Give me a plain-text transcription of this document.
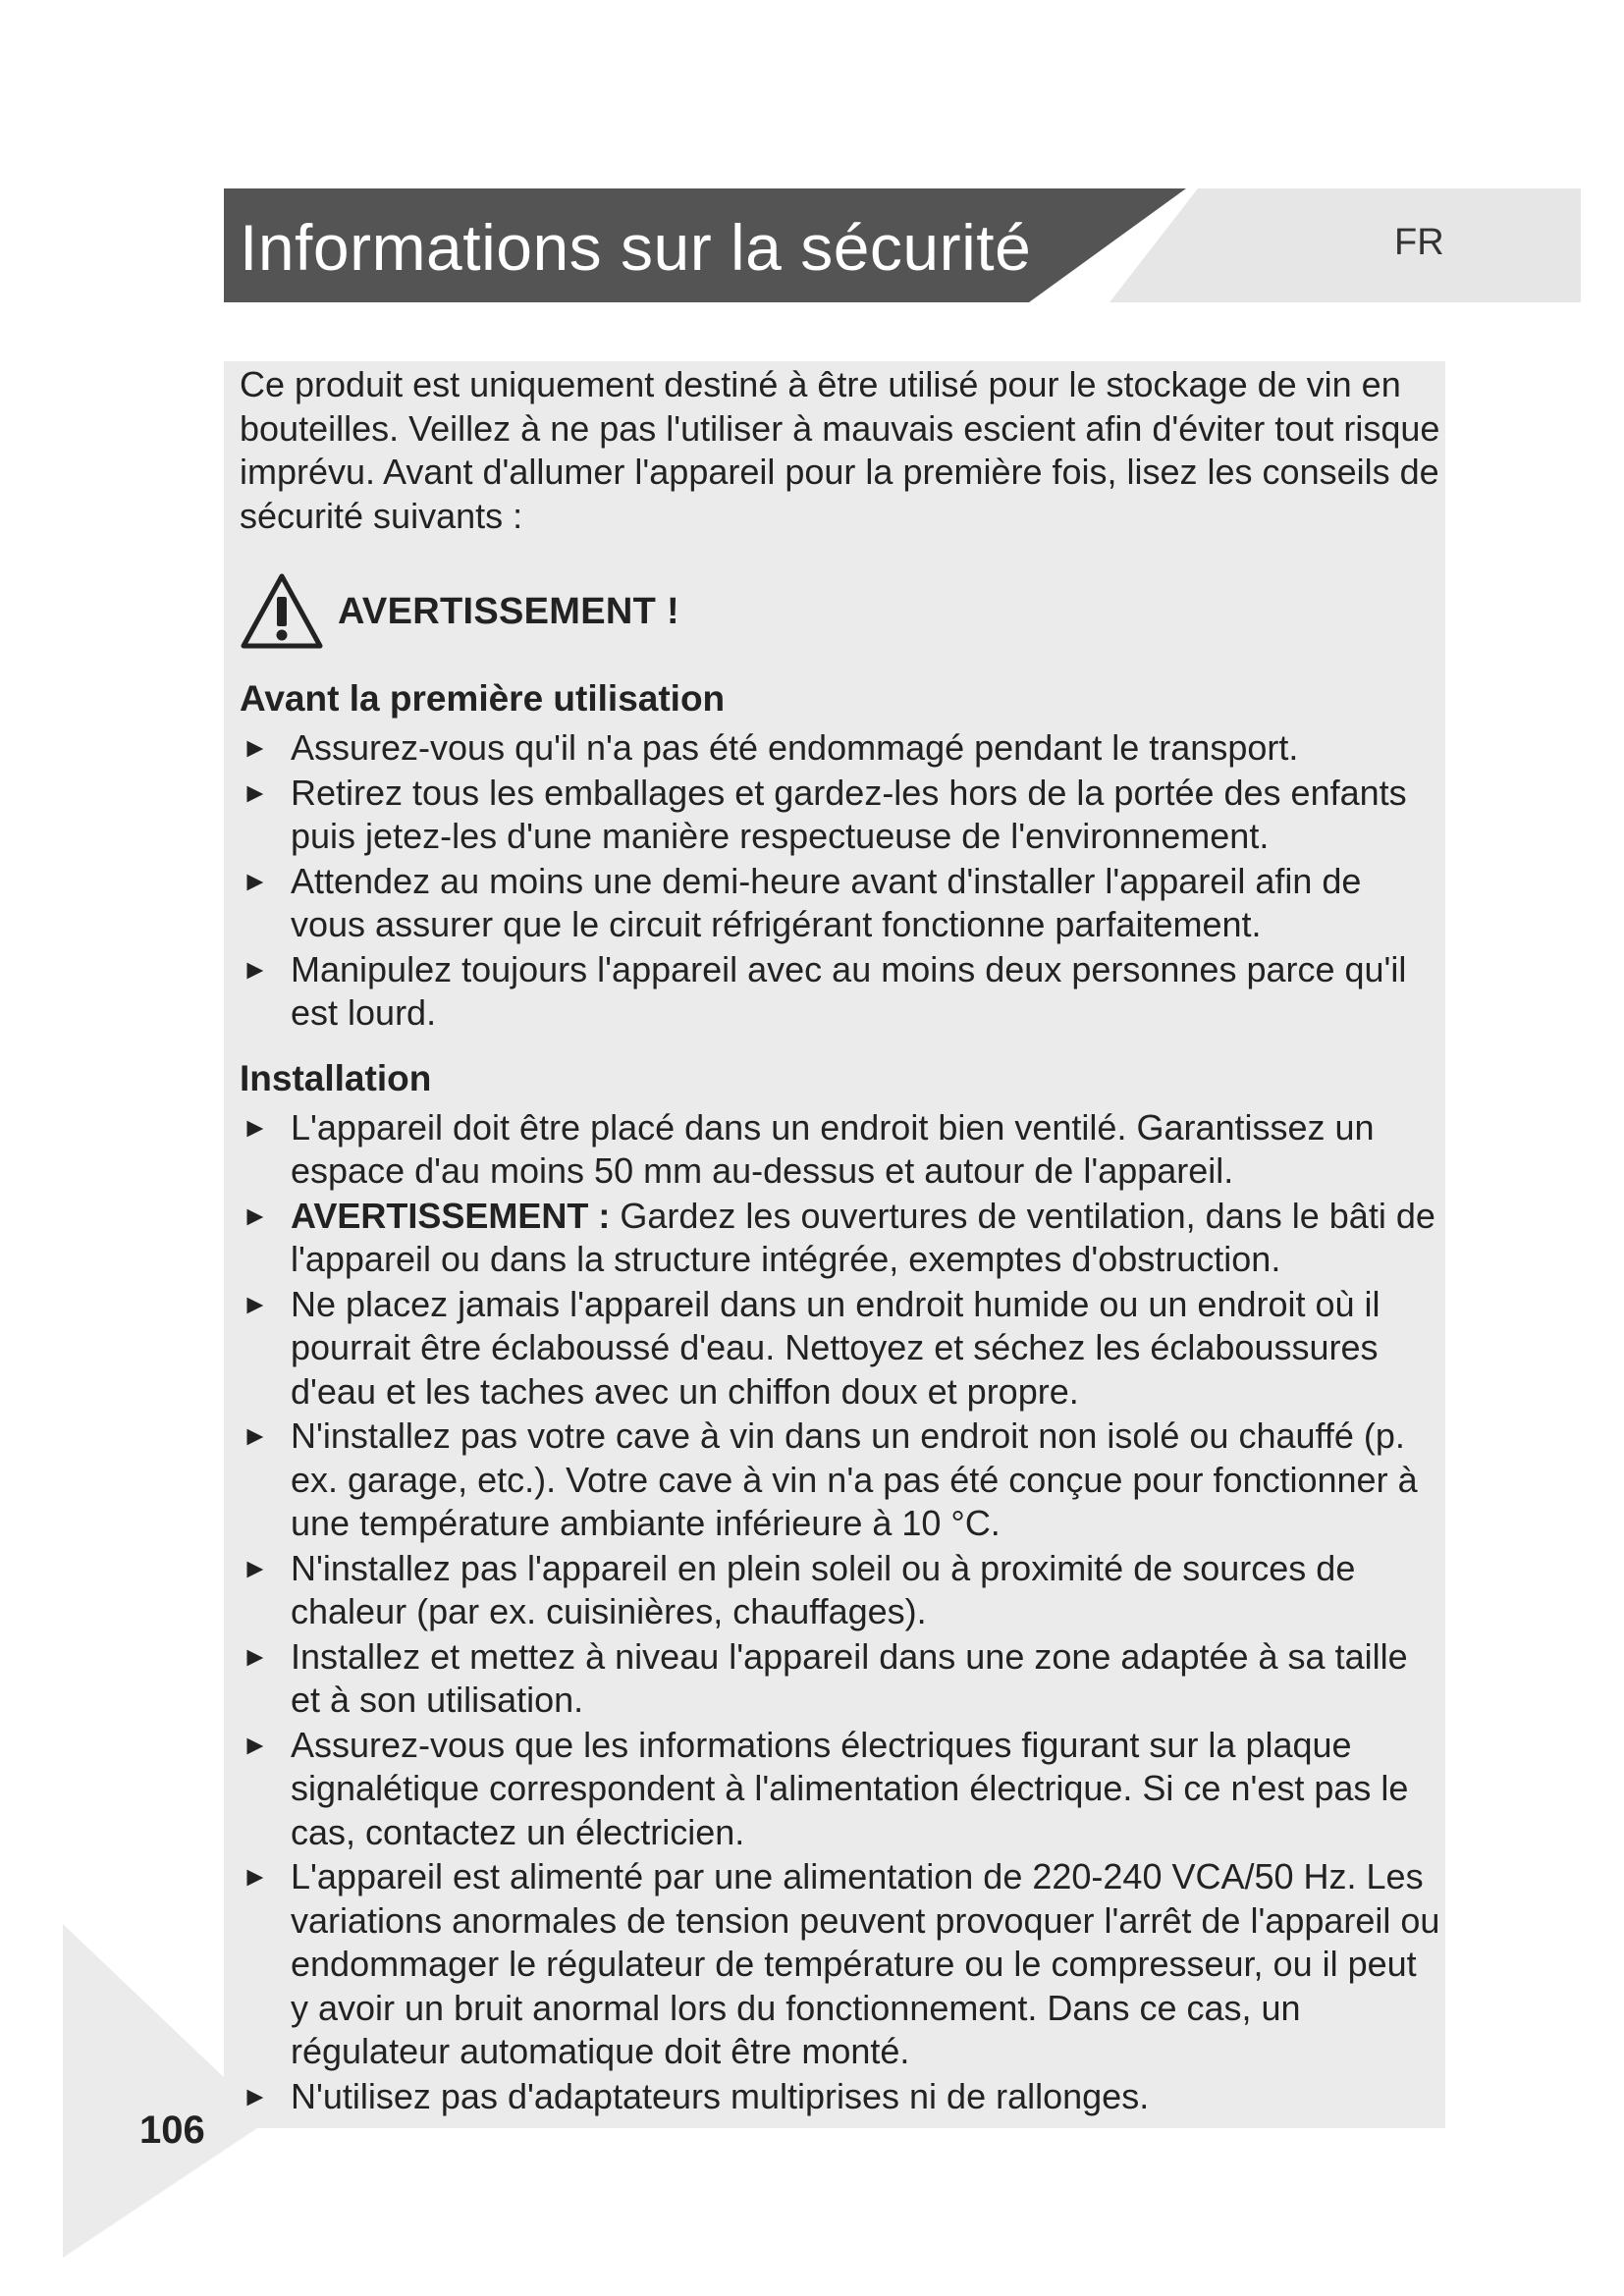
Informations sur la sécurité	FR
106

Ce produit est uniquement destiné à être utilisé pour le stockage de vin en bouteilles. Veillez à ne pas l'utiliser à mauvais escient afin d'éviter tout risque imprévu. Avant d'allumer l'appareil pour la première fois, lisez les conseils de sécurité suivants :

AVERTISSEMENT !
Avant la première utilisation
► Assurez-vous qu'il n'a pas été endommagé pendant le transport.
► Retirez tous les emballages et gardez-les hors de la portée des enfants puis jetez-les d'une manière respectueuse de l'environnement.
► Attendez au moins une demi-heure avant d'installer l'appareil afin de vous assurer que le circuit réfrigérant fonctionne parfaitement.
► Manipulez toujours l'appareil avec au moins deux personnes parce qu'il est lourd.
Installation
► L'appareil doit être placé dans un endroit bien ventilé. Garantissez un espace d'au moins 50 mm au-dessus et autour de l'appareil.
► AVERTISSEMENT : Gardez les ouvertures de ventilation, dans le bâti de l'appareil ou dans la structure intégrée, exemptes d'obstruction.
► Ne placez jamais l'appareil dans un endroit humide ou un endroit où il pourrait être éclaboussé d'eau. Nettoyez et séchez les éclaboussures d'eau et les taches avec un chiffon doux et propre.
► N'installez pas votre cave à vin dans un endroit non isolé ou chauffé (p. ex. garage, etc.). Votre cave à vin n'a pas été conçue pour fonctionner à une température ambiante inférieure à 10 °C.
► N'installez pas l'appareil en plein soleil ou à proximité de sources de chaleur (par ex. cuisinières, chauffages).
► Installez et mettez à niveau l'appareil dans une zone adaptée à sa taille et à son utilisation.
► Assurez-vous que les informations électriques figurant sur la plaque signalétique correspondent à l'alimentation électrique. Si ce n'est pas le cas, contactez un électricien.
► L'appareil est alimenté par une alimentation de 220-240 VCA/50 Hz. Les variations anormales de tension peuvent provoquer l'arrêt de l'appareil ou endommager le régulateur de température ou le compresseur, ou il peut y avoir un bruit anormal lors du fonctionnement. Dans ce cas, un régulateur automatique doit être monté.
► N'utilisez pas d'adaptateurs multiprises ni de rallonges.
